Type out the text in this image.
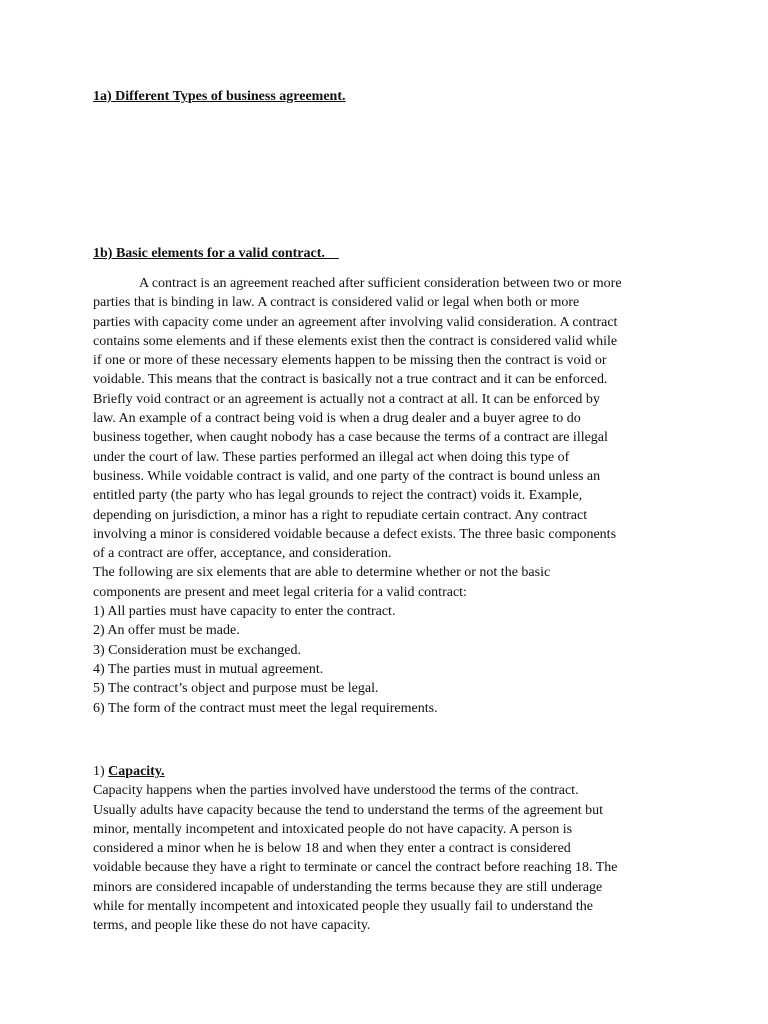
1a) Different Types of business agreement.
1b) Basic elements for a valid contract.
A contract is an agreement reached after sufficient consideration between two or more
parties that is binding in law. A contract is considered valid or legal when both or more
parties with capacity come under an agreement after involving valid consideration. A contract
contains some elements and if these elements exist then the contract is considered valid while
if one or more of these necessary elements happen to be missing then the contract is void or
voidable. This means that the contract is basically not a true contract and it can be enforced.
Briefly void contract or an agreement is actually not a contract at all. It can be enforced by
law. An example of a contract being void is when a drug dealer and a buyer agree to do
business together, when caught nobody has a case because the terms of a contract are illegal
under the court of law. These parties performed an illegal act when doing this type of
business. While voidable contract is valid, and one party of the contract is bound unless an
entitled party (the party who has legal grounds to reject the contract) voids it. Example,
depending on jurisdiction, a minor has a right to repudiate certain contract. Any contract
involving a minor is considered voidable because a defect exists. The three basic components
of a contract are offer, acceptance, and consideration.
The following are six elements that are able to determine whether or not the basic
components are present and meet legal criteria for a valid contract:
1) All parties must have capacity to enter the contract.
2) An offer must be made.
3) Consideration must be exchanged.
4) The parties must in mutual agreement.
5) The contract’s object and purpose must be legal.
6) The form of the contract must meet the legal requirements.
1) Capacity.
Capacity happens when the parties involved have understood the terms of the contract.
Usually adults have capacity because the tend to understand the terms of the agreement but
minor, mentally incompetent and intoxicated people do not have capacity. A person is
considered a minor when he is below 18 and when they enter a contract is considered
voidable because they have a right to terminate or cancel the contract before reaching 18. The
minors are considered incapable of understanding the terms because they are still underage
while for mentally incompetent and intoxicated people they usually fail to understand the
terms, and people like these do not have capacity.
